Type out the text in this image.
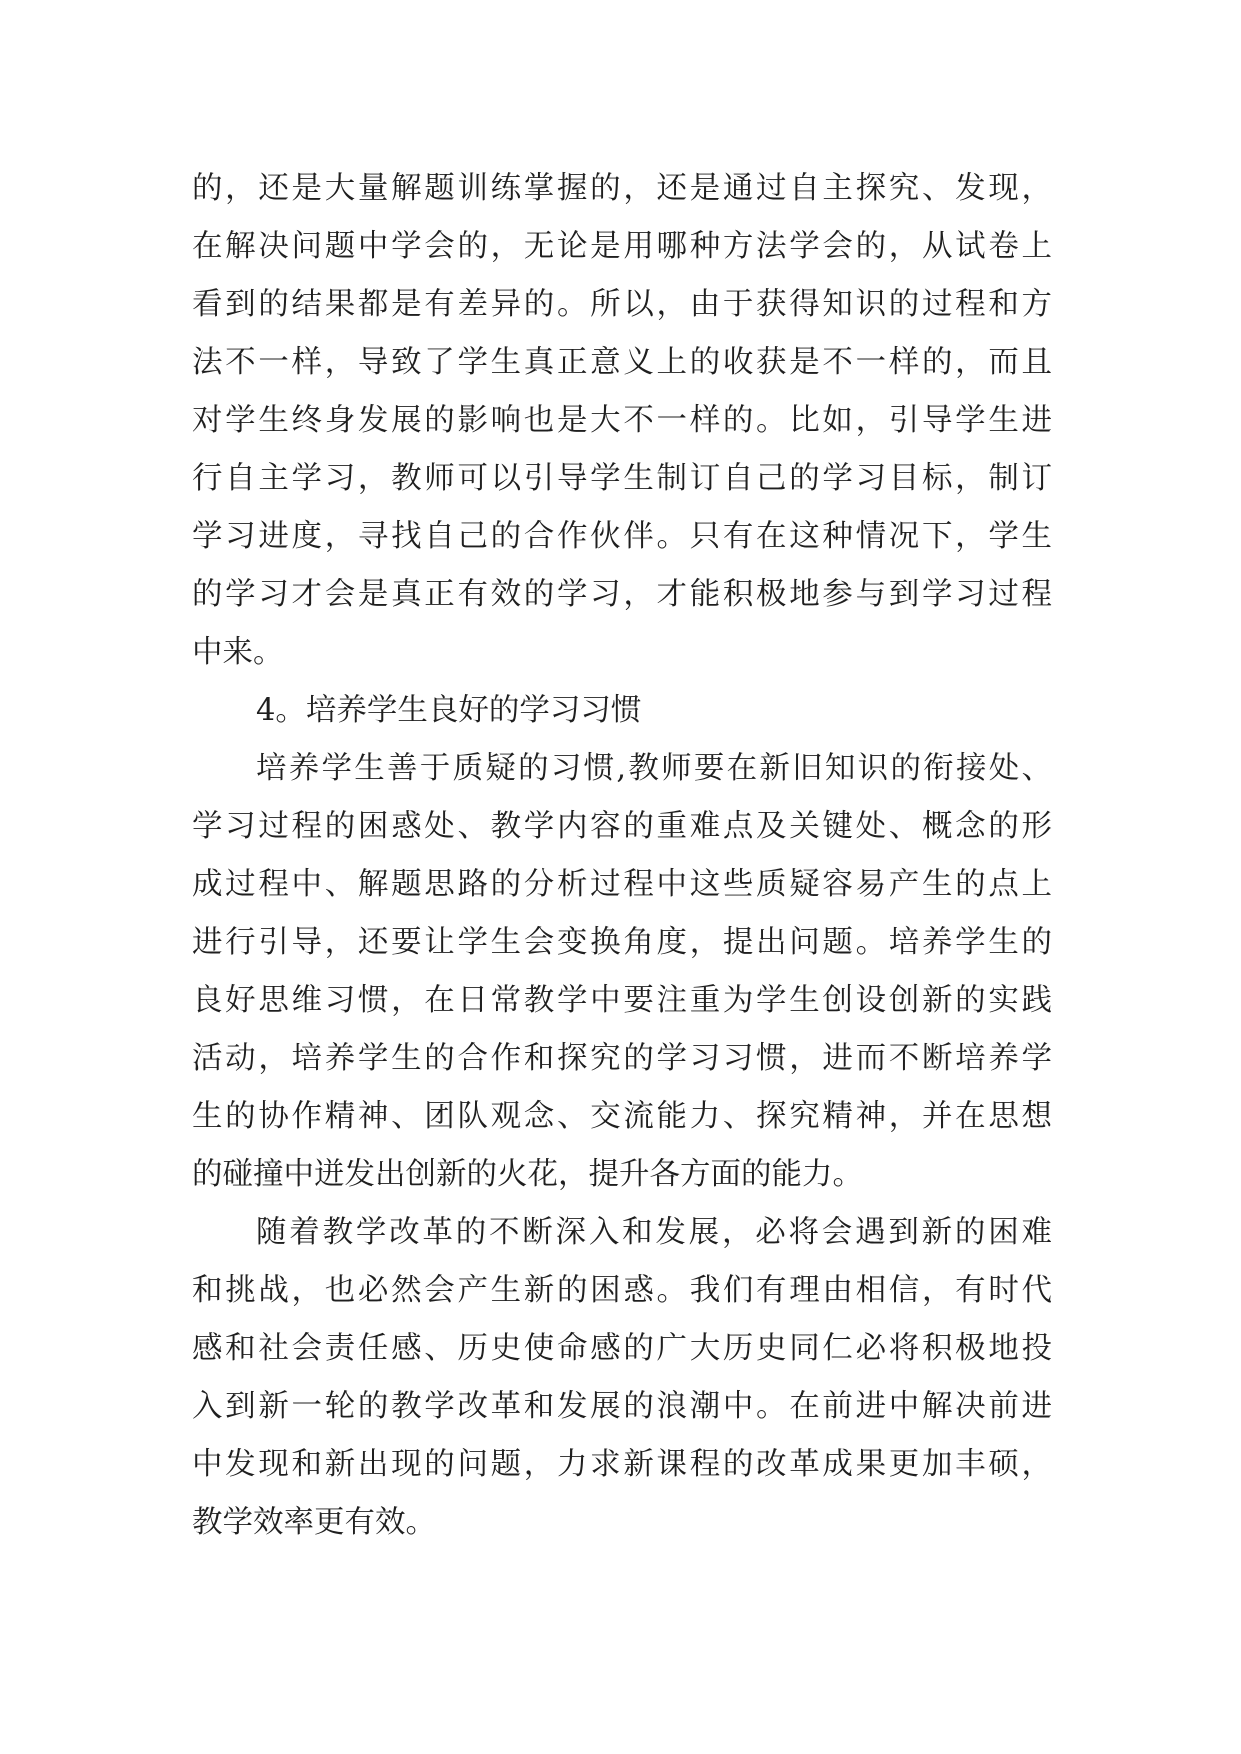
的，还是大量解题训练掌握的，还是通过自主探究、发现，
在解决问题中学会的，无论是用哪种方法学会的，从试卷上
看到的结果都是有差异的。所以，由于获得知识的过程和方
法不一样，导致了学生真正意义上的收获是不一样的，而且
对学生终身发展的影响也是大不一样的。比如，引导学生进
行自主学习，教师可以引导学生制订自己的学习目标，制订
学习进度，寻找自己的合作伙伴。只有在这种情况下，学生
的学习才会是真正有效的学习，才能积极地参与到学习过程
中来。
4。培养学生良好的学习习惯
培养学生善于质疑的习惯,教师要在新旧知识的衔接处、
学习过程的困惑处、教学内容的重难点及关键处、概念的形
成过程中、解题思路的分析过程中这些质疑容易产生的点上
进行引导，还要让学生会变换角度，提出问题。培养学生的
良好思维习惯，在日常教学中要注重为学生创设创新的实践
活动，培养学生的合作和探究的学习习惯，进而不断培养学
生的协作精神、团队观念、交流能力、探究精神，并在思想
的碰撞中迸发出创新的火花，提升各方面的能力。
随着教学改革的不断深入和发展，必将会遇到新的困难
和挑战，也必然会产生新的困惑。我们有理由相信，有时代
感和社会责任感、历史使命感的广大历史同仁必将积极地投
入到新一轮的教学改革和发展的浪潮中。在前进中解决前进
中发现和新出现的问题，力求新课程的改革成果更加丰硕，
教学效率更有效。
